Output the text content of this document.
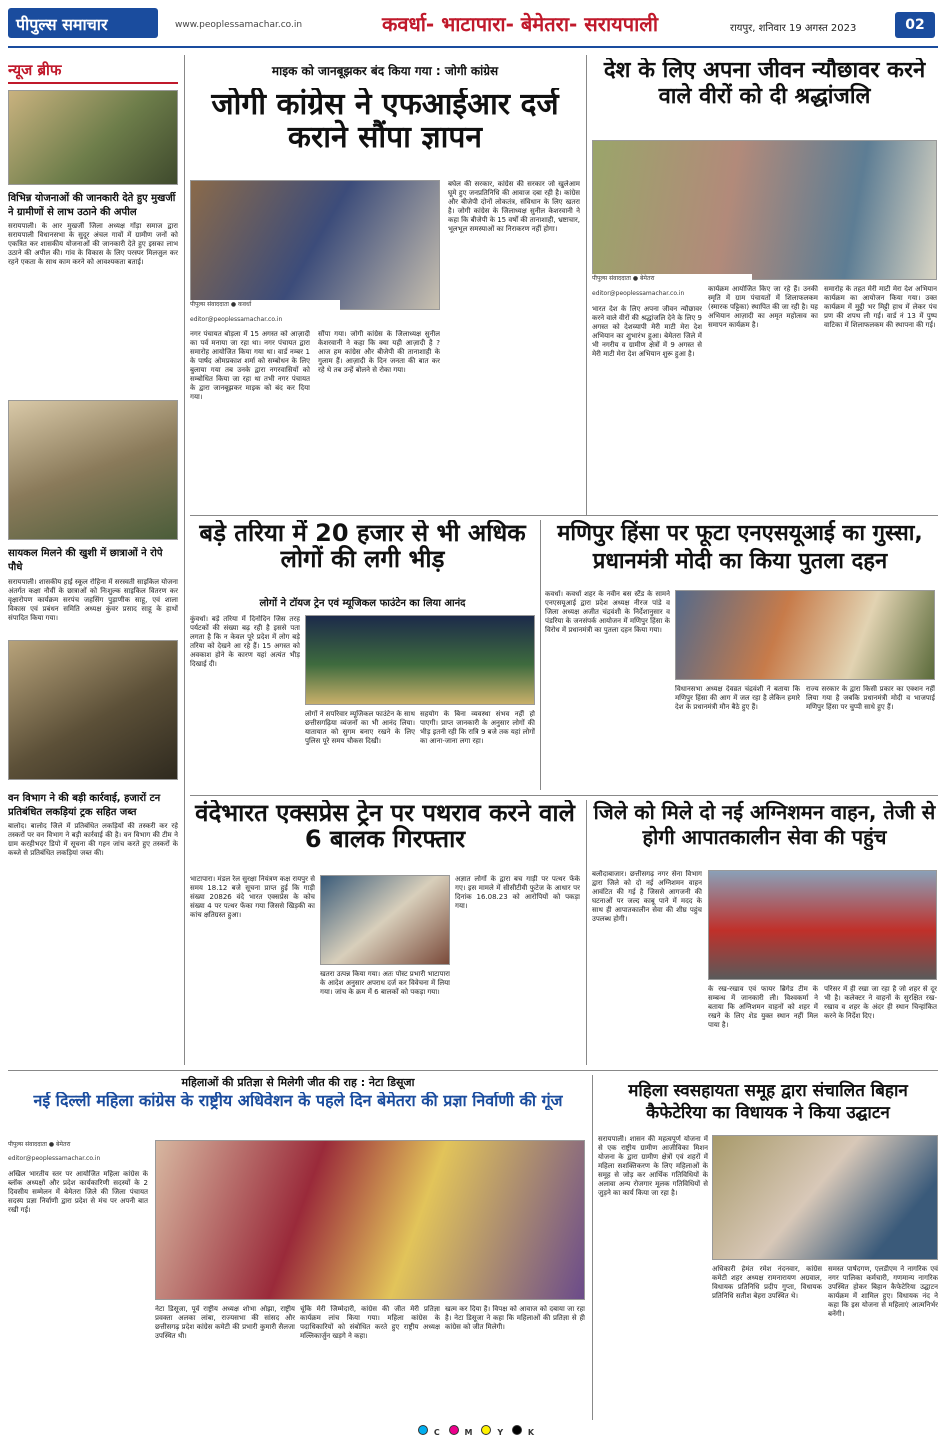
पीपुल्स समाचार	www.peoplessamachar.co.in	कवर्धा- भाटापारा- बेमेतरा- सरायपाली	रायपुर, शनिवार 19 अगस्त 2023	02
न्यूज ब्रीफ
विभिन्न योजनाओं की जानकारी देते हुए मुखर्जी ने ग्रामीणों से लाभ उठाने की अपील
सरायपाली। के आर मुखर्जी जिला अध्यक्ष गोंड़ा समाज द्वारा सरायपाली विधानसभा के सुदूर अंचल गावों में ग्रामीण जनों को एकत्रित कर शासकीय योजनाओं की जानकारी देते हुए इसका लाभ उठाने की अपील की। गांव के विकास के लिए परस्पर मिलजुल कर रहने एकता के साथ काम करने को आवश्यकता बताई।
सायकल मिलने की खुशी में छात्राओं ने रोपे पौधे
सरायपाली। शासकीय हाई स्कूल रोहिना में सरस्वती साइकिल योजना अंतर्गत कक्षा नौवीं के छात्राओं को निःशुल्क साइकिल वितरण कर वृक्षारोपण कार्यक्रम सरपंच जहसिंग पुड़ाणीक साहू, एवं शाला विकास एवं प्रबंधन समिति अध्यक्ष कुंवर प्रसाद साहू के हाथों संपादित किया गया।
वन विभाग ने की बड़ी कार्रवाई, हजारों टन प्रतिबंधित लकड़ियां ट्रक सहित जब्त
बालोद। बालोद जिले में प्रतिबंधित लकड़ियों की तस्करी कर रहे तस्करों पर वन विभाग ने बड़ी कार्रवाई की है। वन विभाग की टीम ने ग्राम करहीभदर डिपो में सूचना की गहन जांच करते हुए तस्करों के कब्जे से प्रतिबंधित लकड़ियां जब्त की।
माइक को जानबूझकर बंद किया गया : जोगी कांग्रेस
जोगी कांग्रेस ने एफआईआर दर्ज कराने सौंपा ज्ञापन
पीपुल्स संवाददाता ● कवर्धा
editor@peoplessamachar.co.in
नगर पंचायत बोड़ला में 15 अगस्त को आज़ादी का पर्व मनाया जा रहा था। नगर पंचायत द्वारा समारोह आयोजित किया गया था। वार्ड नम्बर 1 के पार्षद ओमप्रकाश शर्मा को सम्बोधन के लिए बुलाया गया तब उनके द्वारा नगरवासियों को सम्बोधित किया जा रहा था तभी नगर पंचायत के द्वारा जानबूझकर माइक को बंद कर दिया गया।
सौंपा गया। जोगी कांग्रेस के जिलाध्यक्ष सुनील केशरवानी ने कहा कि क्या यही आज़ादी है ? आज हम कांग्रेस और बीजेपी की तानाशाही के गुलाम हैं। आज़ादी के दिन जनता की बात कर रहे थे तब उन्हें बोलने से रोका गया।
बघेल की सरकार, कांग्रेस की सरकार जो खुलेआम घूमे हुए जनप्रतिनिधि की आवाज दबा रही है। कांग्रेस और बीजेपी दोनों लोकतंत्र, संविधान के लिए खतरा है। जोगी कांग्रेस के जिलाध्यक्ष सुनील केशरवानी ने कहा कि बीजेपी के 15 वर्षों की तानाशाही, भ्रष्टाचार, भूलभूल समस्याओं का निराकरण नहीं होगा।
देश के लिए अपना जीवन न्यौछावर करने वाले वीरों को दी श्रद्धांजलि
पीपुल्स संवाददाता ● बेमेतरा
editor@peoplessamachar.co.in
भारत देश के लिए अपना जीवन न्यौछावर करने वाले वीरों की श्रद्धांजलि देने के लिए 9 अगस्त को देशव्यापी मेरी माटी मेरा देश अभियान का शुभारंभ हुआ। बेमेतरा जिले में भी नगरीय व ग्रामीण क्षेत्रों में 9 अगस्त से मेरी माटी मेरा देश अभियान शुरू हुआ है।
कार्यक्रम आयोजित किए जा रहे हैं। उनकी स्मृति में ग्राम पंचायतों में शिलाफलकम (स्मारक पट्टिका) स्थापित की जा रही है। यह अभियान आज़ादी का अमृत महोत्सव का समापन कार्यक्रम है।
समारोह के तहत मेरी माटी मेरा देश अभियान कार्यक्रम का आयोजन किया गया। उक्त कार्यक्रम में मुट्ठी भर मिट्टी हाथ में लेकर पंच प्रण की शपथ ली गई। वार्ड नं 13 में पुष्प वाटिका में शिलाफलकम की स्थापना की गई।
बड़े तरिया में 20 हजार से भी अधिक लोगों की लगी भीड़
लोगों ने टॉयज ट्रेन एवं म्यूजिकल फाउंटेन का लिया आनंद
कुंवर्धा। बड़े तरिया में दिनोदिन जिस तरह पर्यटकों की संख्या बढ़ रही है इससे पता लगता है कि न केवल पूरे प्रदेश में लोग बड़े तरिया को देखने आ रहे हैं। 15 अगस्त को अवकाश होने के कारण यहां अत्यंत भीड़ दिखाई दी।
लोगों ने सपरिवार म्यूजिकल फाउंटेन के साथ छत्तीसगढ़िया व्यंजनों का भी आनंद लिया। यातायात को सुगम बनाए रखने के लिए पुलिस पूरे समय चौकस दिखी।
सहयोग के बिना व्यवस्था संभव नहीं हो पाएगी। प्राप्त जानकारी के अनुसार लोगों की भीड़ इतनी रही कि रात्रि 9 बजे तक यहां लोगों का आना-जाना लगा रहा।
मणिपुर हिंसा पर फूटा एनएसयूआई का गुस्सा, प्रधानमंत्री मोदी का किया पुतला दहन
कवर्धा। कवर्धा शहर के नवीन बस स्टैंड के सामने एनएसयूआई द्वारा प्रदेश अध्यक्ष नीरज पांडे व जिला अध्यक्ष अजीत चंद्रवंशी के निर्देशानुसार व पंडरिया के जनसंपर्क आयोजन में मणिपुर हिंसा के विरोध में प्रधानमंत्री का पुतला दहन किया गया।
विधानसभा अध्यक्ष देवव्रत चंद्रवंशी ने बताया कि मणिपुर हिंसा की आग में जल रहा है लेकिन हमारे देश के प्रधानमंत्री मौन बैठे हुए हैं।
राज्य सरकार के द्वारा किसी प्रकार का एक्शन नहीं लिया गया है जबकि प्रधानमंत्री मोदी व भाजपाई मणिपुर हिंसा पर चुप्पी साधे हुए हैं।
वंदेभारत एक्सप्रेस ट्रेन पर पथराव करने वाले 6 बालक गिरफ्तार
भाटापारा। मंडल रेल सुरक्षा नियंत्रण कक्ष रायपुर से समय 18.12 बजे सूचना प्राप्त हुई कि गाड़ी संख्या 20826 वंदे भारत एक्सप्रेस के कोच संख्या 4 पर पत्थर फेंका गया जिससे खिड़की का कांच क्षतिग्रस्त हुआ।
खतरा उत्पन्न किया गया। अतः पोस्ट प्रभारी भाटापारा के आदेश अनुसार अपराध दर्ज कर विवेचना में लिया गया। जांच के क्रम में 6 बालकों को पकड़ा गया।
अज्ञात लोगों के द्वारा बच गाड़ी पर पत्थर फेंके गए। इस मामले में सीसीटीवी फुटेज के आधार पर दिनांक 16.08.23 को आरोपियों को पकड़ा गया।
जिले को मिले दो नई अग्निशमन वाहन, तेजी से होगी आपातकालीन सेवा की पहुंच
बलौदाबाजार। छत्तीसगढ़ नगर सेना विभाग द्वारा जिले को दो नई अग्निशमन वाहन आवंटित की गई है जिससे आगजनी की घटनाओं पर जल्द काबू पाने में मदद के साथ ही आपातकालीन सेवा की शीघ्र पहुंच उपलब्ध होगी।
के रख-रखाव एवं फायर ब्रिगेड टीम के सम्बन्ध में जानकारी ली। विश्वकर्मा ने बताया कि अग्निशमन वाहनों को शहर में रखने के लिए शेड युक्त स्थान नहीं मिल पाया है।
परिसर में ही रखा जा रहा है जो शहर से दूर भी है। कलेक्टर ने वाहनों के सुरक्षित रख-रखाव व शहर के अंदर ही स्थान चिन्हांकित करने के निर्देश दिए।
महिलाओं की प्रतिज्ञा से मिलेगी जीत की राह : नेटा डिसूजा
नई दिल्ली महिला कांग्रेस के राष्ट्रीय अधिवेशन के पहले दिन बेमेतरा की प्रज्ञा निर्वाणी की गूंज
पीपुल्स संवाददाता ● बेमेतरा
editor@peoplessamachar.co.in
अखिल भारतीय स्तर पर आयोजित महिला कांग्रेस के ब्लॉक अध्यक्षों और प्रदेश कार्यकारिणी सदस्यों के 2 दिवसीय सम्मेलन में बेमेतरा जिले की जिला पंचायत सदस्य प्रज्ञा निर्वाणी द्वारा प्रदेश से मंच पर अपनी बात रखी गई।
नेटा डिसूजा, पूर्व राष्ट्रीय अध्यक्ष शोभा ओझा, राष्ट्रीय प्रवक्ता अलका लांबा, राज्यसभा की सांसद और छत्तीसगढ़ प्रदेश कांग्रेस कमेटी की प्रभारी कुमारी सैलजा उपस्थित थी।
चूंकि मेरी जिम्मेदारी, कांग्रेस की जीत मेरी प्रतिज्ञा कार्यक्रम लांच किया गया। महिला कांग्रेस के पदाधिकारियों को संबोधित करते हुए राष्ट्रीय अध्यक्ष मल्लिकार्जुन खड़गे ने कहा।
खत्म कर दिया है। विपक्ष को आवाज को दबाया जा रहा है। नेटा डिसूजा ने कहा कि महिलाओं की प्रतिज्ञा से ही कांग्रेस को जीत मिलेगी।
महिला स्वसहायता समूह द्वारा संचालित बिहान कैफेटेरिया का विधायक ने किया उद्घाटन
सरायपाली। शासन की महत्वपूर्ण योजना में से एक राष्ट्रीय ग्रामीण आजीविका मिशन योजना के द्वारा ग्रामीण क्षेत्रों एवं शहरों में महिला सशक्तिकरण के लिए महिलाओं के समूह से जोड़ कर आर्थिक गतिविधियों के अलावा अन्य रोजगार मूलक गतिविधियों से जुड़ने का कार्य किया जा रहा है।
अधिकारी हेमंत रमेश नंदनवार, कांग्रेस कमेटी शहर अध्यक्ष रामनारायण अग्रवाल, विधायक प्रतिनिधि प्रदीप गुप्ता, विधायक प्रतिनिधि सतीश बेहरा उपस्थित थे।
समस्त पार्षदगण, एलडीएम ने नागरिक एवं नगर पालिका कर्मचारी, गणमान्य नागरिक उपस्थित होकर बिहान कैफेटेरिया उद्घाटन कार्यक्रम में शामिल हुए। विधायक नंद ने कहा कि इस योजना से महिलाएं आत्मनिर्भर बनेंगी।
C	M	Y	K
